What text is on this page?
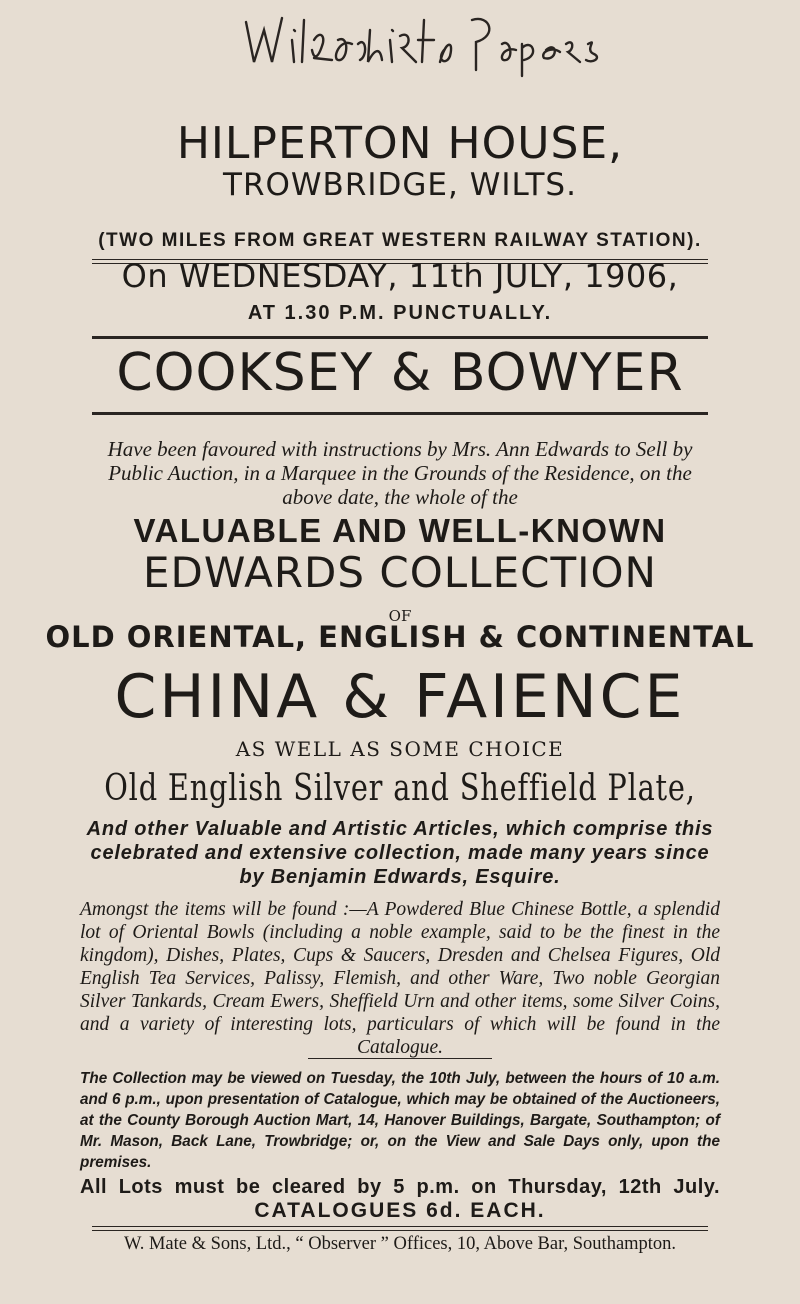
HILPERTON HOUSE,
TROWBRIDGE, WILTS.
(TWO MILES FROM GREAT WESTERN RAILWAY STATION).
On WEDNESDAY, 11th JULY, 1906,
AT 1.30 P.M. PUNCTUALLY.
COOKSEY & BOWYER
Have been favoured with instructions by Mrs. Ann Edwards to Sell by Public Auction, in a Marquee in the Grounds of the Residence, on the above date, the whole of the
VALUABLE AND WELL-KNOWN
EDWARDS COLLECTION
OF
OLD ORIENTAL, ENGLISH & CONTINENTAL
CHINA & FAIENCE
AS WELL AS SOME CHOICE
Old English Silver and Sheffield Plate,
And other Valuable and Artistic Articles, which comprise this celebrated and extensive collection, made many years since by Benjamin Edwards, Esquire.
Amongst the items will be found :—A Powdered Blue Chinese Bottle, a splendid lot of Oriental Bowls (including a noble example, said to be the finest in the kingdom), Dishes, Plates, Cups & Saucers, Dresden and Chelsea Figures, Old English Tea Services, Palissy, Flemish, and other Ware, Two noble Georgian Silver Tankards, Cream Ewers, Sheffield Urn and other items, some Silver Coins, and a variety of interesting lots, particulars of which will be found in the Catalogue.
The Collection may be viewed on Tuesday, the 10th July, between the hours of 10 a.m. and 6 p.m., upon presentation of Catalogue, which may be obtained of the Auctioneers, at the County Borough Auction Mart, 14, Hanover Buildings, Bargate, Southampton; of Mr. Mason, Back Lane, Trowbridge; or, on the View and Sale Days only, upon the premises.
All Lots must be cleared by 5 p.m. on Thursday, 12th July.
CATALOGUES 6d. EACH.
W. Mate & Sons, Ltd., “ Observer ” Offices, 10, Above Bar, Southampton.
